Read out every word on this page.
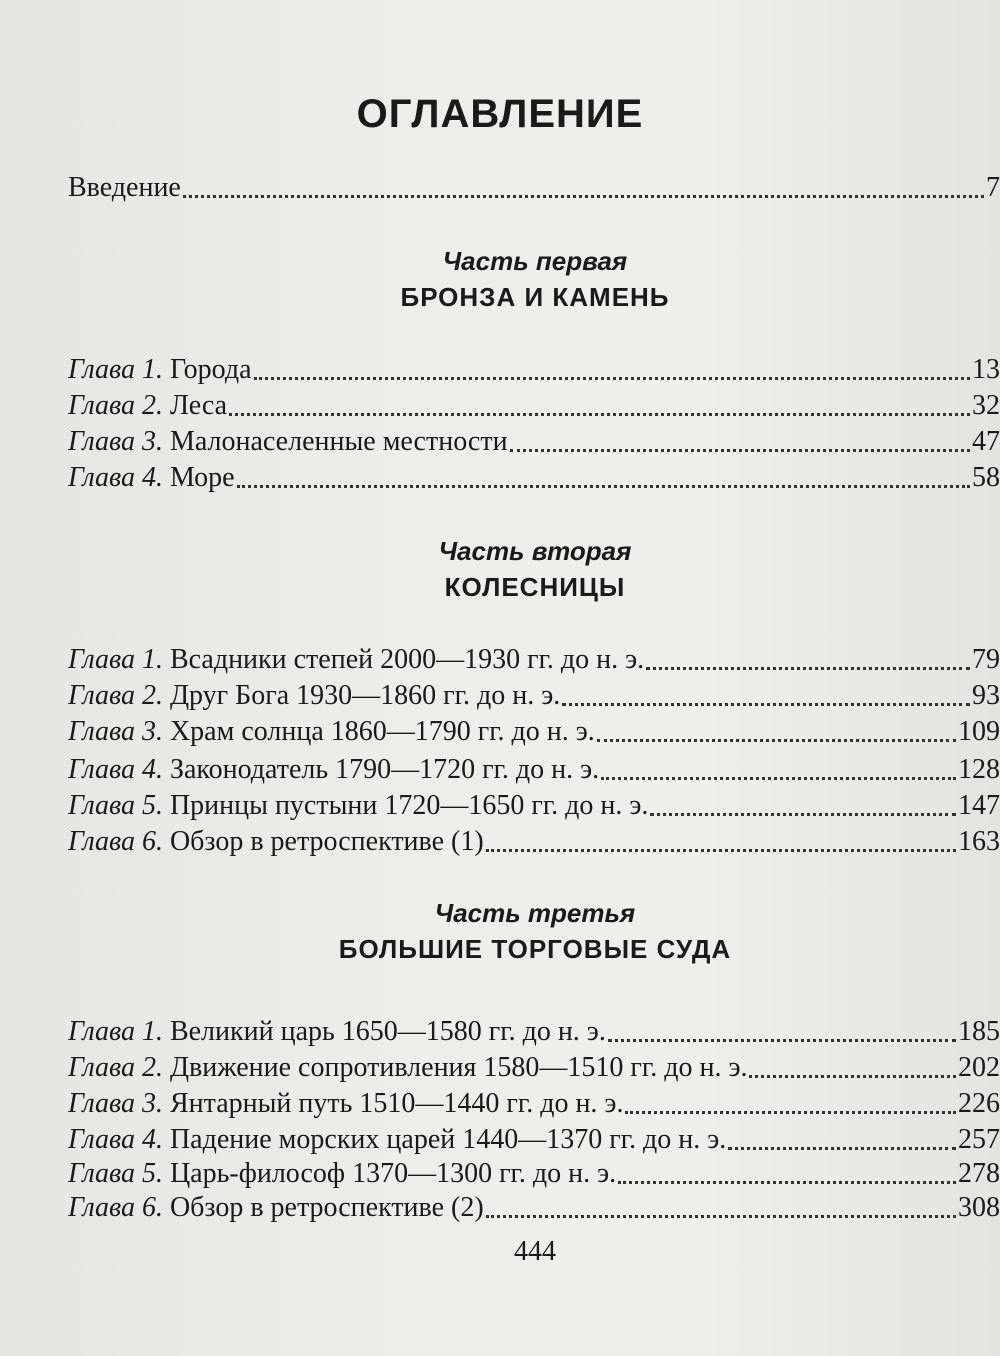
ОГЛАВЛЕНИЕ
Введение	7
Часть первая
БРОНЗА И КАМЕНЬ
Глава 1. Города	13
Глава 2. Леса	32
Глава 3. Малонаселенные местности	47
Глава 4. Море	58
Часть вторая
КОЛЕСНИЦЫ
Глава 1. Всадники степей 2000—1930 гг. до н. э.	79
Глава 2. Друг Бога 1930—1860 гг. до н. э.	93
Глава 3. Храм солнца 1860—1790 гг. до н. э.	109
Глава 4. Законодатель 1790—1720 гг. до н. э.	128
Глава 5. Принцы пустыни 1720—1650 гг. до н. э.	147
Глава 6. Обзор в ретроспективе (1)	163
Часть третья
БОЛЬШИЕ ТОРГОВЫЕ СУДА
Глава 1. Великий царь 1650—1580 гг. до н. э.	185
Глава 2. Движение сопротивления 1580—1510 гг. до н. э.	202
Глава 3. Янтарный путь 1510—1440 гг. до н. э.	226
Глава 4. Падение морских царей 1440—1370 гг. до н. э.	257
Глава 5. Царь-философ 1370—1300 гг. до н. э.	278
Глава 6. Обзор в ретроспективе (2)	308
444
